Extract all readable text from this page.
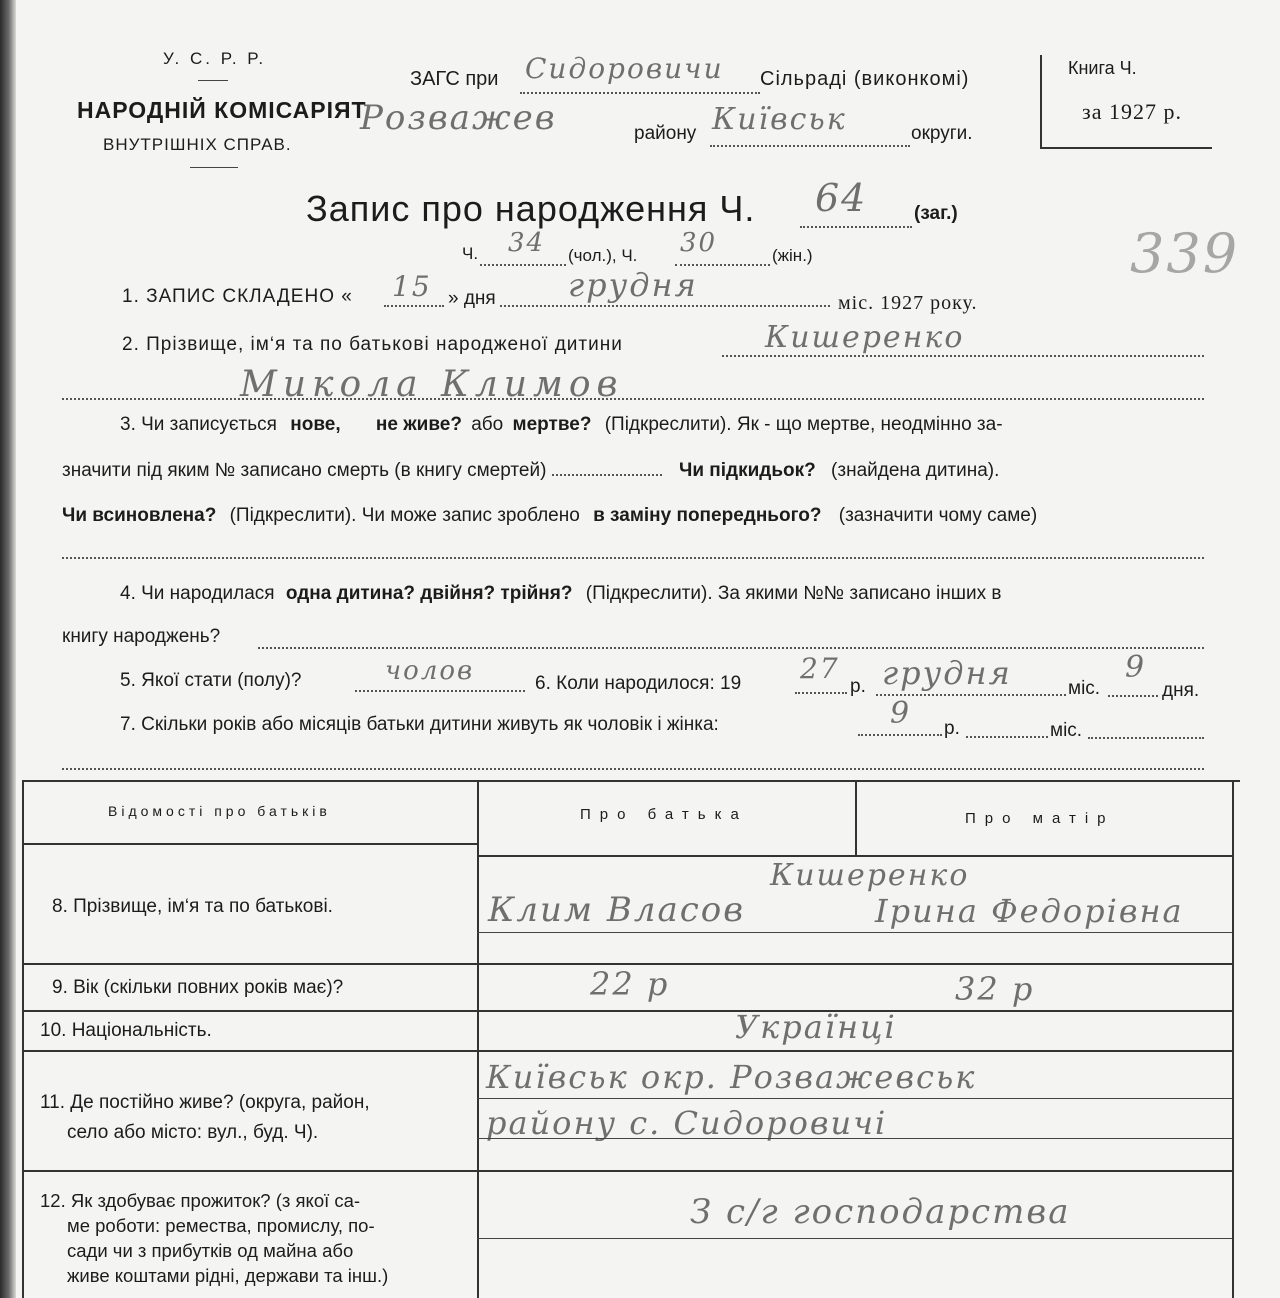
У. С. Р. Р.
НАРОДНІЙ КОМІСАРІЯТ
ВНУТРІШНІХ СПРАВ.
ЗАГС при Сидоровичи Сільраді (виконкомі)
Розважев	району Київськ	округи.
Книга Ч.
за 1927 р.
Запис про народження Ч. 64 (заг.)
Ч. 34 (чол.), Ч. 30	(жін.)	339
1. ЗАПИС СКЛАДЕНО « 15 » дня грудня	міс. 1927 року.
2. Прізвище, ім‘я та по батькові народженої дитини	Кишеренко
Микола Климов
3. Чи записується нове, не живе? або мертве? (Підкреслити). Як - що мертве, неодмінно за-
значити під яким № записано смерть (в книгу смертей)	Чи підкидьок? (знайдена дитина).
Чи всиновлена? (Підкреслити). Чи може запис зроблено в заміну попереднього? (зазначити чому саме)
4. Чи народилася одна дитина? двійня? трійня? (Підкреслити). За якими №№ записано інших в
книгу народжень?
5. Якої стати (полу)?	чолов	6. Коли народилося: 19 27
р. грудня	міс.
9
дня.
7. Скільки років або місяців батьки дитини живуть як чоловік і жінка:	9 р.	міс.
Відомості про батьків	Про батька	Про матір
8. Прізвище, ім‘я та по батькові.
Кишеренко
Клим Власов	Ірина Федорівна
9. Вік (скільки повних років має)?	22 р	32 р
10. Національність.	Українці
11. Де постійно живе? (округа, район,
село або місто: вул., буд. Ч).
Київськ окр. Розважевськ
району с. Сидоровичі
12. Як здобуває прожиток? (з якої са-
ме роботи: ремества, промислу, по-
сади чи з прибутків од майна або
живе коштами рідні, держави та інш.)
З с/г господарства
